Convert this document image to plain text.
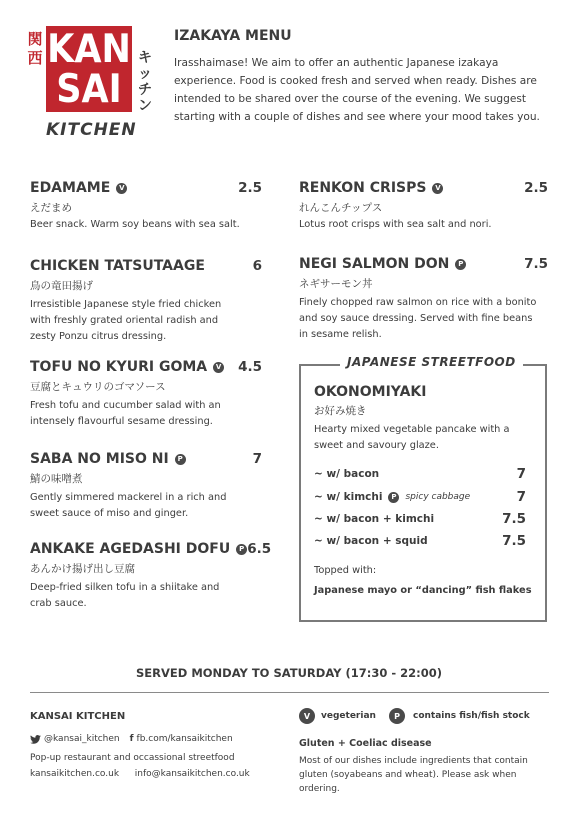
関西 KAN
SAI
キッチン
KITCHEN
IZAKAYA MENU
Irasshaimase! We aim to offer an authentic Japanese izakaya experience. Food is cooked fresh and served when ready. Dishes are intended to be shared over the course of the evening. We suggest starting with a couple of dishes and see where your mood takes you.
EDAMAME	V	2.5
えだまめ
Beer snack. Warm soy beans with sea salt.
CHICKEN TATSUTAAGE	6
鳥の竜田揚げ
Irresistible Japanese style fried chicken with freshly grated oriental radish and zesty Ponzu citrus dressing.
TOFU NO KYURI GOMA	V 4.5
豆腐とキュウリのゴマソース
Fresh tofu and cucumber salad with an intensely flavourful sesame dressing.
SABA NO MISO NI	P	7
鯖の味噌煮
Gently simmered mackerel in a rich and sweet sauce of miso and ginger.
ANKAKE AGEDASHI DOFU	P 6.5
あんかけ揚げ出し豆腐
Deep-fried silken tofu in a shiitake and crab sauce.
RENKON CRISPS	V	2.5
れんこんチップス
Lotus root crisps with sea salt and nori.
NEGI SALMON DON	P	7.5
ネギサーモン丼
Finely chopped raw salmon on rice with a bonito and soy sauce dressing. Served with fine beans in sesame relish.
JAPANESE STREETFOOD
OKONOMIYAKI
お好み焼き
Hearty mixed vegetable pancake with a sweet and savoury glaze.
~ w/ bacon	7
~ w/ kimchi	P spicy cabbage	7
~ w/ bacon + kimchi	7.5
~ w/ bacon + squid	7.5
Topped with:
Japanese mayo or “dancing” fish flakes
SERVED MONDAY TO SATURDAY (17:30 - 22:00)
KANSAI KITCHEN
@kansai_kitchen f fb.com/kansaikitchen
Pop-up restaurant and occassional streetfood
kansaikitchen.co.uk info@kansaikitchen.co.uk
V	vegeterian	P	contains fish/fish stock
Gluten + Coeliac disease
Most of our dishes include ingredients that contain gluten (soyabeans and wheat). Please ask when ordering.
